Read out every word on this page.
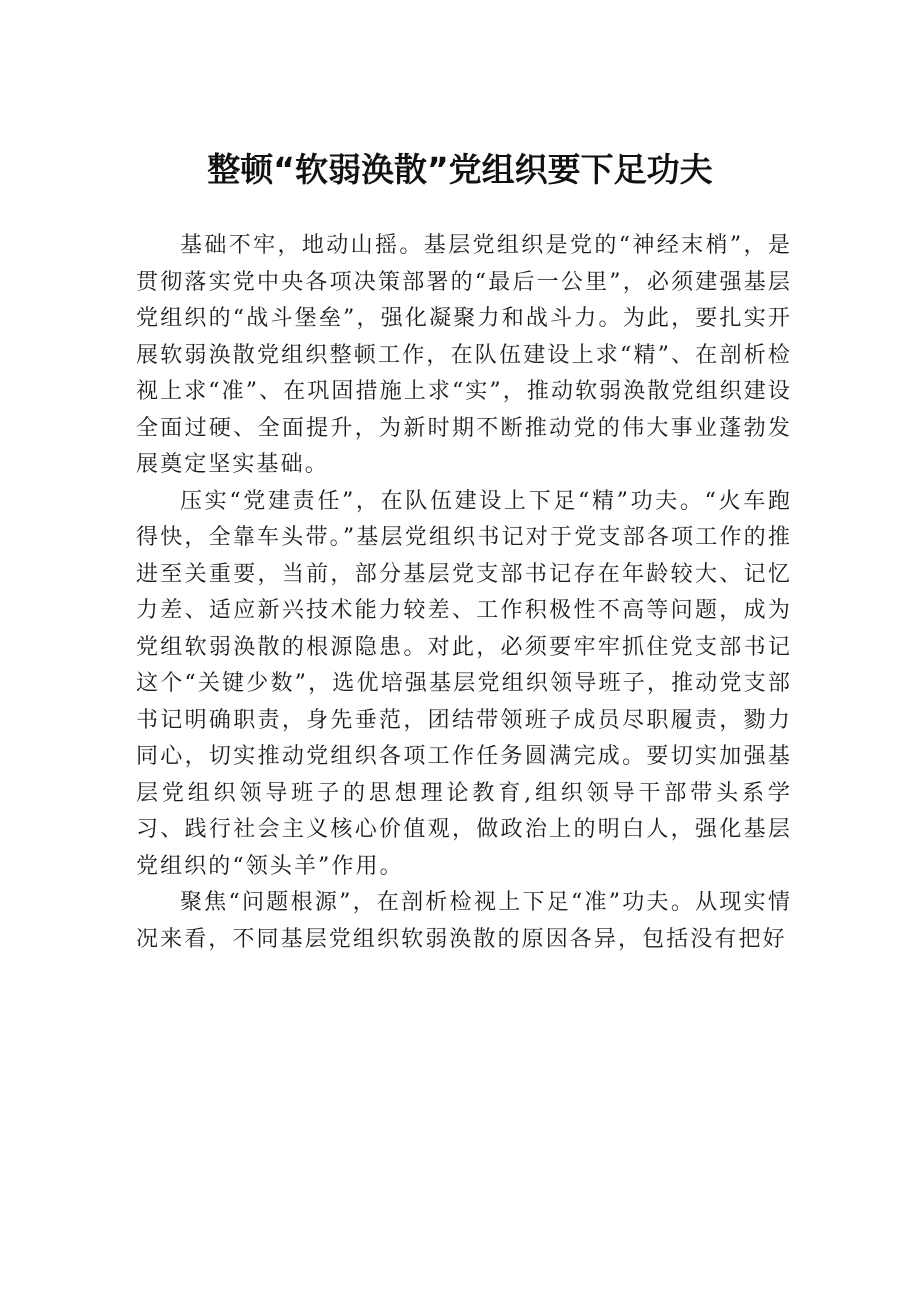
整顿“软弱涣散”党组织要下足功夫

基础不牢，地动山摇。基层党组织是党的“神经末梢”，是贯彻落实党中央各项决策部署的“最后一公里”，必须建强基层党组织的“战斗堡垒”，强化凝聚力和战斗力。为此，要扎实开展软弱涣散党组织整顿工作，在队伍建设上求“精”、在剖析检视上求“准”、在巩固措施上求“实”，推动软弱涣散党组织建设全面过硬、全面提升，为新时期不断推动党的伟大事业蓬勃发展奠定坚实基础。

压实“党建责任”，在队伍建设上下足“精”功夫。“火车跑得快，全靠车头带。”基层党组织书记对于党支部各项工作的推进至关重要，当前，部分基层党支部书记存在年龄较大、记忆力差、适应新兴技术能力较差、工作积极性不高等问题，成为党组软弱涣散的根源隐患。对此，必须要牢牢抓住党支部书记这个“关键少数”，选优培强基层党组织领导班子，推动党支部书记明确职责，身先垂范，团结带领班子成员尽职履责，勠力同心，切实推动党组织各项工作任务圆满完成。要切实加强基层党组织领导班子的思想理论教育,组织领导干部带头系学习、践行社会主义核心价值观，做政治上的明白人，强化基层党组织的“领头羊”作用。

聚焦“问题根源”，在剖析检视上下足“准”功夫。从现实情况来看，不同基层党组织软弱涣散的原因各异，包括没有把好
